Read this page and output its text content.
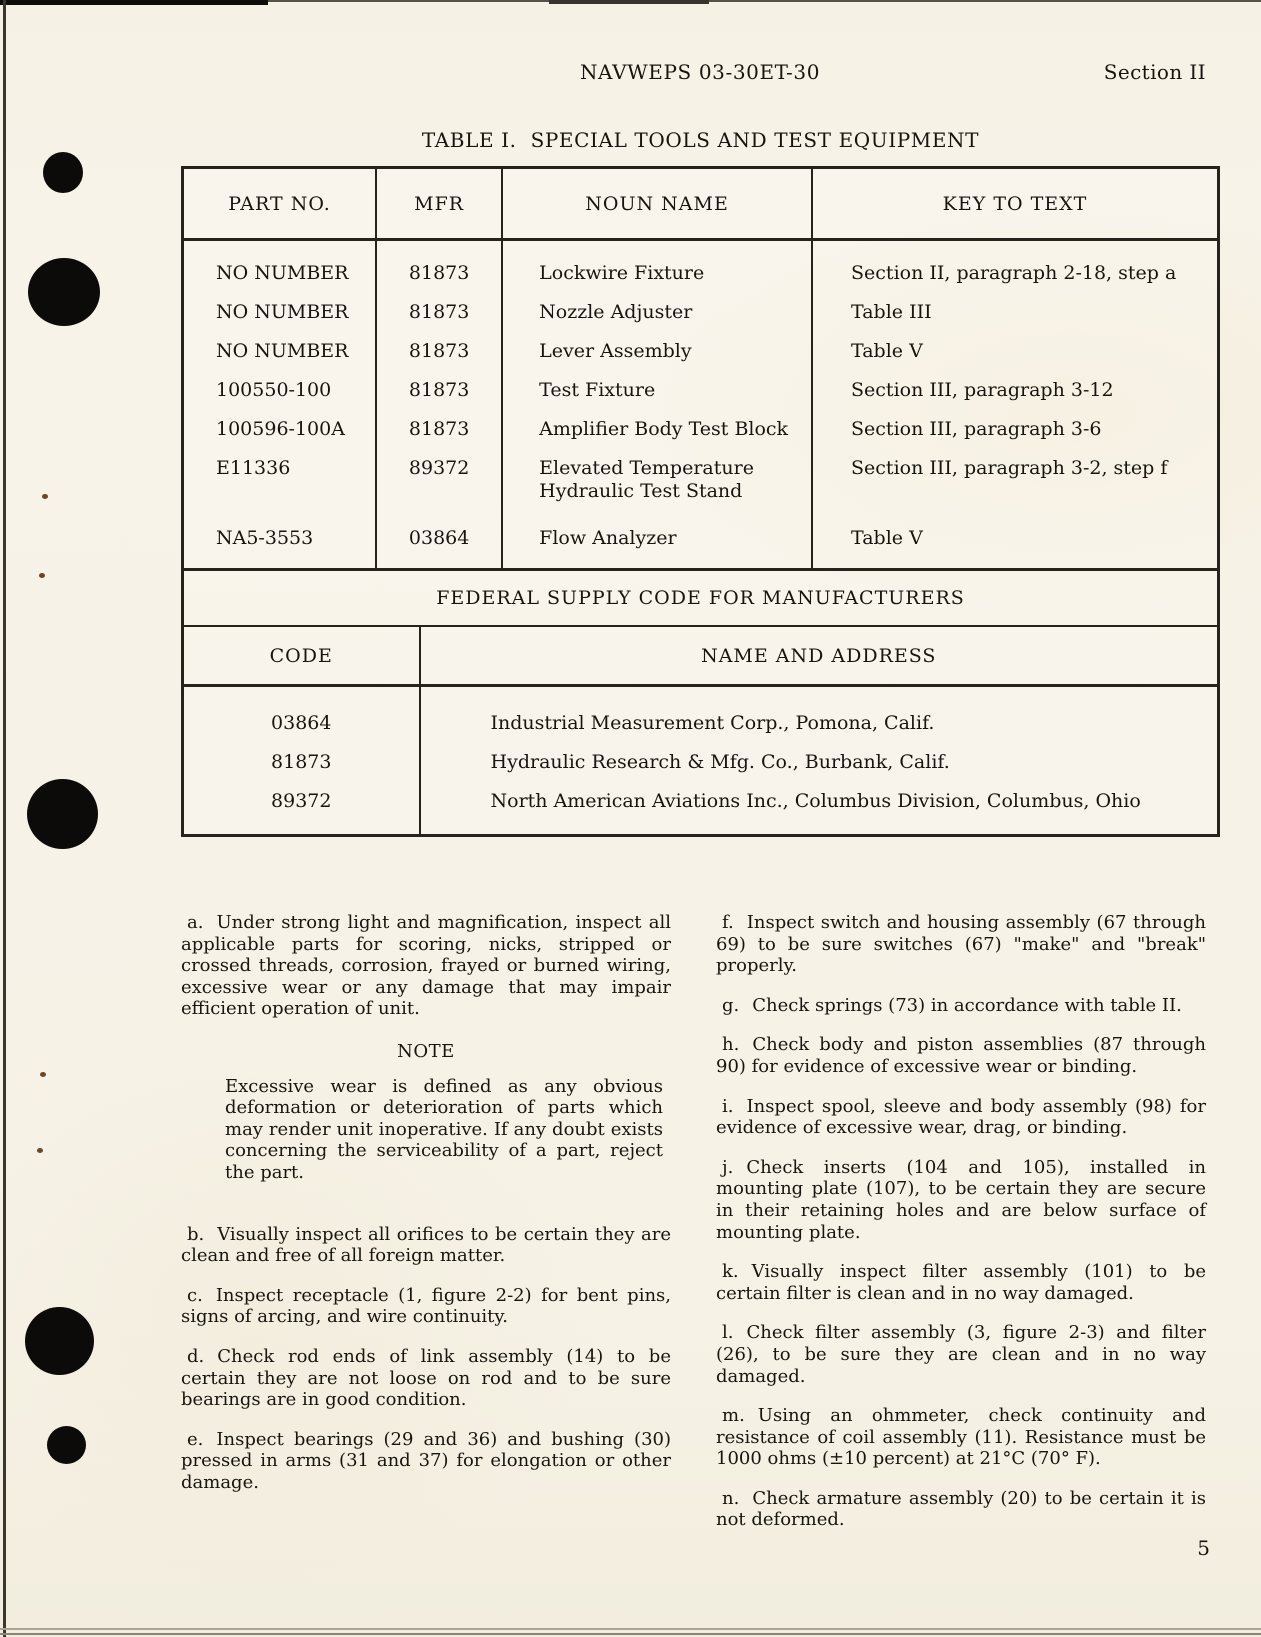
NAVWEPS 03-30ET-30	Section II
TABLE I. SPECIAL TOOLS AND TEST EQUIPMENT
PART NO.	MFR	NOUN NAME	KEY TO TEXT
NO NUMBER	81873	Lockwire Fixture	Section II, paragraph 2-18, step a
NO NUMBER	81873	Nozzle Adjuster	Table III
NO NUMBER	81873	Lever Assembly	Table V
100550-100	81873	Test Fixture	Section III, paragraph 3-12
100596-100A	81873	Amplifier Body Test Block	Section III, paragraph 3-6
E11336	89372	Elevated Temperature Hydraulic Test Stand	Section III, paragraph 3-2, step f
NA5-3553	03864	Flow Analyzer	Table V
FEDERAL SUPPLY CODE FOR MANUFACTURERS
CODE	NAME AND ADDRESS
03864	Industrial Measurement Corp., Pomona, Calif.
81873	Hydraulic Research & Mfg. Co., Burbank, Calif.
89372	North American Aviations Inc., Columbus Division, Columbus, Ohio

a. Under strong light and magnification, inspect all applicable parts for scoring, nicks, stripped or crossed threads, corrosion, frayed or burned wiring, excessive wear or any damage that may impair efficient operation of unit.

NOTE

Excessive wear is defined as any obvious deformation or deterioration of parts which may render unit inoperative. If any doubt exists concerning the serviceability of a part, reject the part.

b. Visually inspect all orifices to be certain they are clean and free of all foreign matter.

c. Inspect receptacle (1, figure 2-2) for bent pins, signs of arcing, and wire continuity.

d. Check rod ends of link assembly (14) to be certain they are not loose on rod and to be sure bearings are in good condition.

e. Inspect bearings (29 and 36) and bushing (30) pressed in arms (31 and 37) for elongation or other damage.

f. Inspect switch and housing assembly (67 through 69) to be sure switches (67) "make" and "break" properly.

g. Check springs (73) in accordance with table II.

h. Check body and piston assemblies (87 through 90) for evidence of excessive wear or binding.

i. Inspect spool, sleeve and body assembly (98) for evidence of excessive wear, drag, or binding.

j. Check inserts (104 and 105), installed in mounting plate (107), to be certain they are secure in their retaining holes and are below surface of mounting plate.

k. Visually inspect filter assembly (101) to be certain filter is clean and in no way damaged.

l. Check filter assembly (3, figure 2-3) and filter (26), to be sure they are clean and in no way damaged.

m. Using an ohmmeter, check continuity and resistance of coil assembly (11). Resistance must be 1000 ohms (±10 percent) at 21°C (70° F).

n. Check armature assembly (20) to be certain it is not deformed.

5
